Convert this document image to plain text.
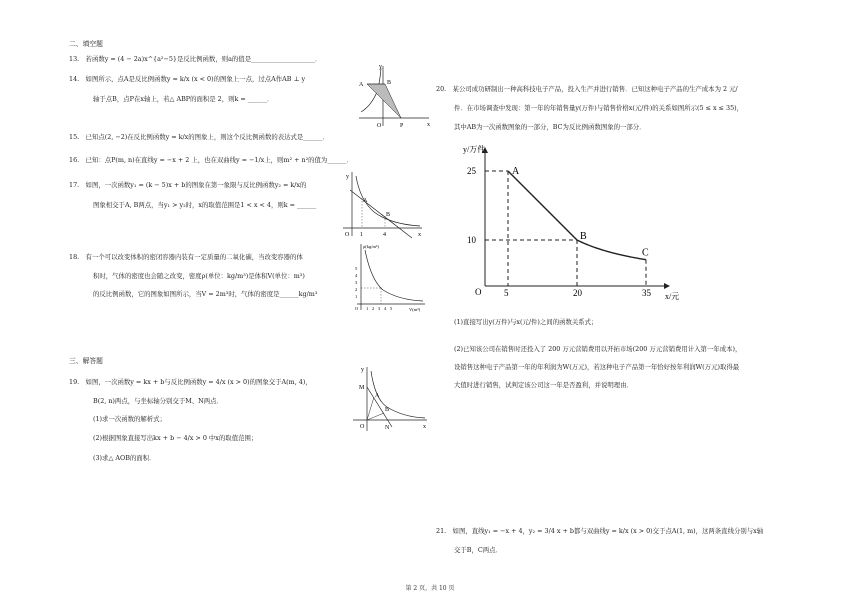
二、填空题
13.　若函数y = (4 − 2a)x^{a²−5}是反比例函数，则a的值是____________________．
14.　如图所示，点A是反比例函数y = k/x (x < 0)的图象上一点，过点A作AB ⊥ y
轴于点B，点P在x轴上，若△ ABP的面积是 2，则k = ______．
y
A	B
O	P	x
15.　已知点(2, −2)在反比例函数y = k/x的图象上，则这个反比例函数的表达式是______．
16.　已知：点P(m, n)在直线y = −x + 2 上，也在双曲线y = −1/x上，则m² + n²的值为______．
17.　如图，一次函数y₁ = (k − 5)x + b的图象在第一象限与反比例函数y₂ = k/x的
图象相交于A, B两点，当y₁ > y₂时，x的取值范围是1 < x < 4，则k = ______
y
A
B
O 1	4	x
18.　有一个可以改变体积的密闭容器内装有一定质量的二氧化碳，当改变容器的体
积时，气体的密度也会随之改变，密度ρ(单位：kg/m³)是体积V(单位：m³)
的反比例函数，它的图象如图所示，当V = 2m³时，气体的密度是______kg/m³
ρ(kg/m³)
5
4
3
2
1
O 1 2 3 4 5	V(m³)
三、解答题
19.　如图，一次函数y = kx + b与反比例函数y = 4/x (x > 0)的图象交于A(m, 4)，
B(2, n)两点，与坐标轴分别交于M、N两点．
(1)求一次函数的解析式；
(2)根据图象直接写出kx + b − 4/x > 0 中x的取值范围；
(3)求△ AOB的面积．
y
M
A
B
O	N	x
20.　某公司成功研制出一种高科技电子产品，投入生产并进行销售．已知这种电子产品的生产成本为 2 元/
件．在市场调查中发现：第一年的年销售量y(万件)与销售价格x(元/件)的关系如图所示(5 ≤ x ≤ 35)，
其中AB为一次函数图象的一部分，BC为反比例函数图象的一部分．
5	20	35
25
10
A
B
C
y/万件
x/元
O
(1)直接写出y(万件)与x(元/件)之间的函数关系式；
(2)已知该公司在销售时还投入了 200 万元营销费用以开拓市场(200 万元营销费用计入第一年成本)，
设销售这种电子产品第一年的年利润为W(万元)，若这种电子产品第一年恰好按年利润W(万元)取得最
大值时进行销售，试判定该公司这一年是否盈利，并说明理由．
21.　如图，直线y₁ = −x + 4，y₂ = 3/4 x + b都与双曲线y = k/x (x > 0)交于点A(1, m)，这两条直线分别与x轴
交于B，C两点．
第 2 页，共 10 页
